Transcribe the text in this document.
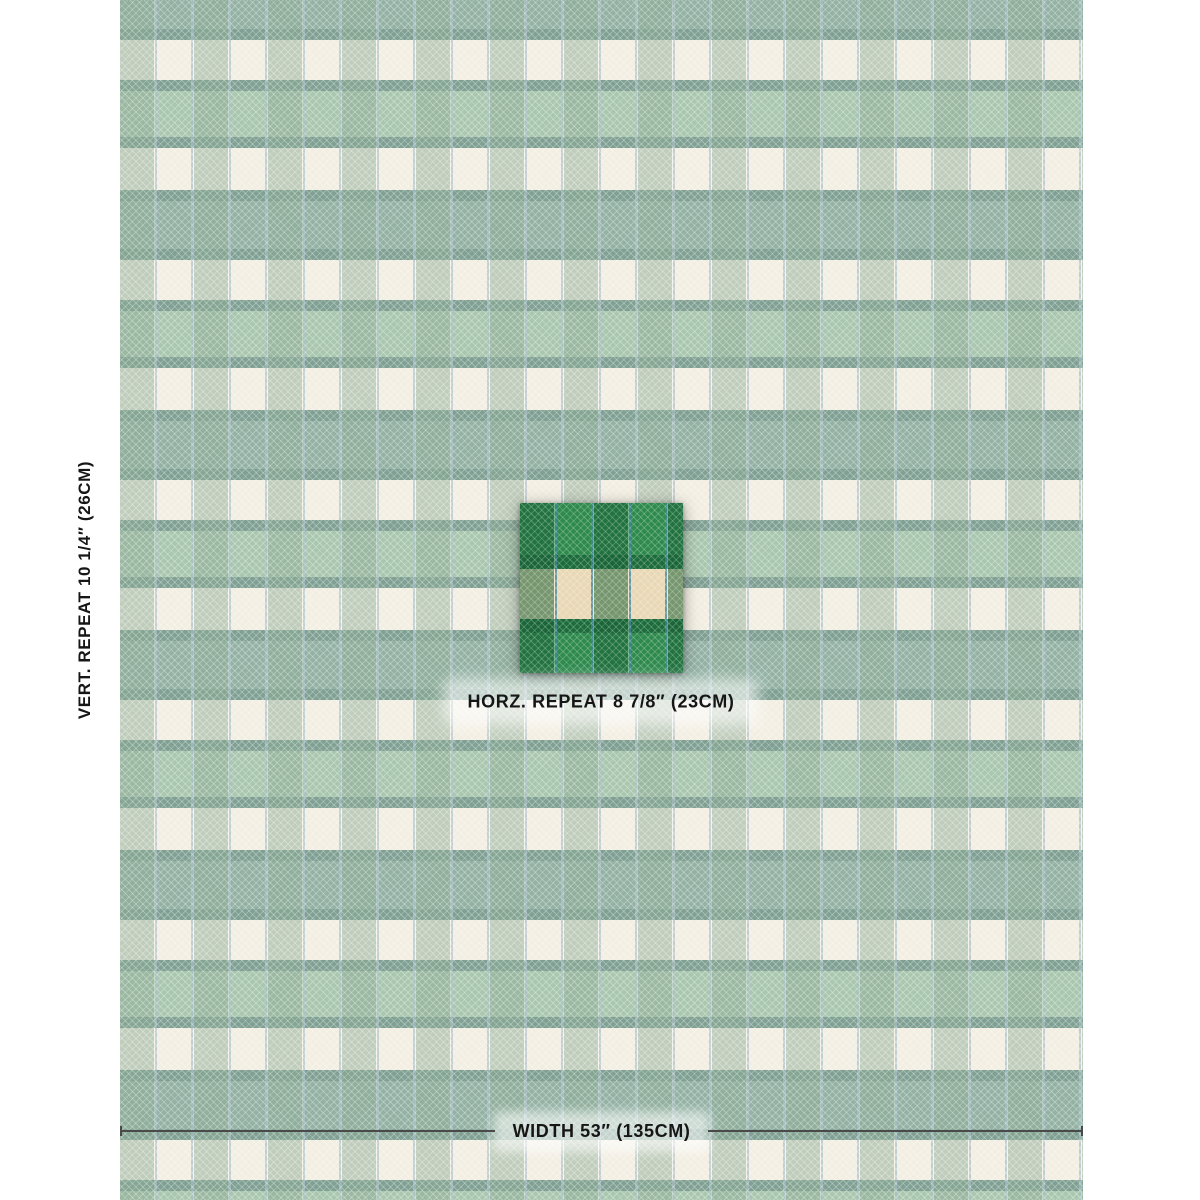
VERT. REPEAT 10 1/4″ (26CM)
HORZ. REPEAT 8 7/8″ (23CM)
WIDTH 53″ (135CM)
